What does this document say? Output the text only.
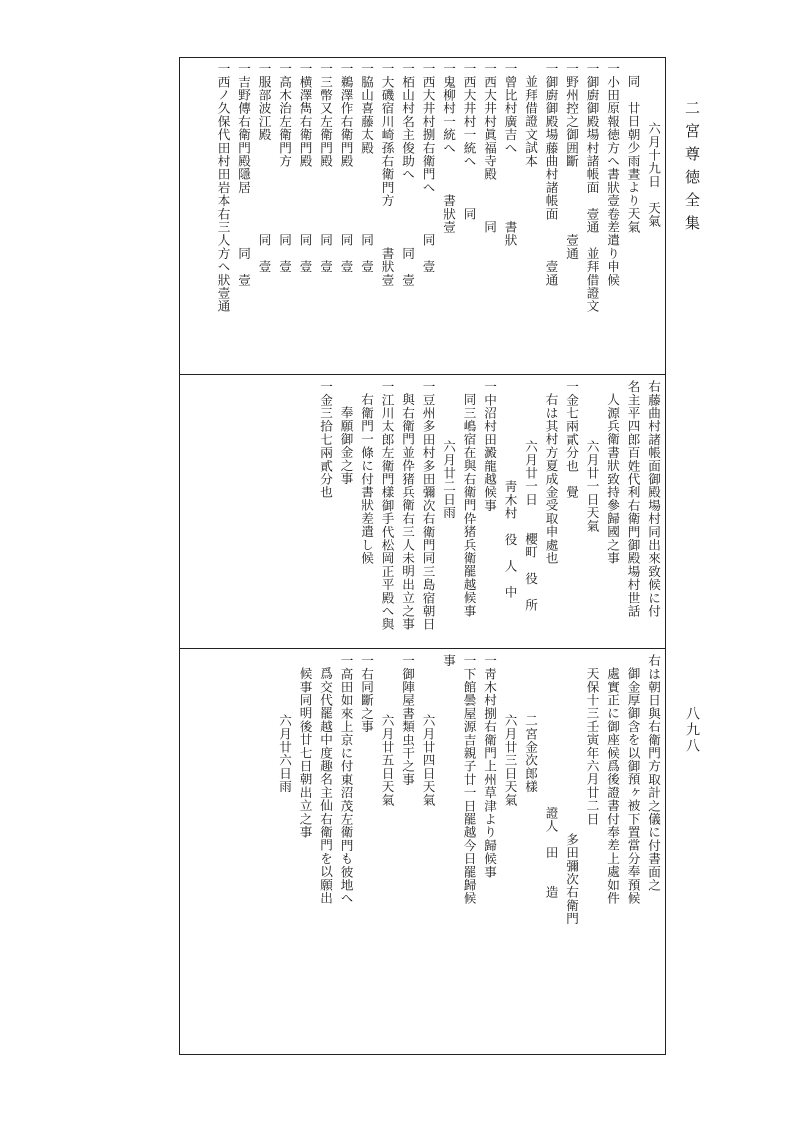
二宮尊徳全集
八九八
六月十九日　天氣
同　廿日朝少雨晝より天氣
一小田原報徳方へ書狀壹卷差遣り申候
一御廚御殿場村諸帳面　壹通　並拜借證文
一野州控之御囲斷　　　　　壹通
一御廚御殿場藤曲村諸帳面　　　壹通
並拜借證文試本
一曾比村廣吉へ　　　　　書狀
一西大井村眞福寺殿　　　同
一西大井村一統へ　　　同
一鬼柳村一統へ　　　書狀壹
一西大井村捌右衛門へ　　　同　壹
一栢山村名主俊助へ　　　　　同　壹
一大磯宿川崎孫右衛門方　　　書狀壹
一脇山喜藤太殿　　　　　　同　壹
一鵜澤作右衛門殿　　　　　同　壹
一三幣又左衛門殿　　　　　同　壹
一横澤雋右衛門殿　　　　　同　壹
一高木治左衛門方　　　　　同　壹
一服部波江殿　　　　　　　同　壹
一吉野傳右衛門殿隱居　　　　同　壹
一西ノ久保代田村田岩本右三人方へ狀壹通
右藤曲村諸帳面御殿場村同出來致候に付
名主平四郎百姓代利右衛門御殿場村世話
人源兵衛書狀致持參歸國之事
六月廿一日天氣
一金七兩貳分也　覺
右は其村方夏成金受取申處也
六月廿一日　　櫻町　役　所
靑木村　役　人　中
一中沼村田澱龍越候事
同三嶋宿在與右衛門伜猪兵衛罷越候事
六月廿二日雨
一豆州多田村多田彌次右衛門同三島宿朝日
與右衛門並伜猪兵衛右三人未明出立之事
一江川太郎左衛門樣御手代松岡正平殿へ與
右衛門一條に付書狀差遣し候
奉願御金之事
一金三拾七兩貳分也
右は朝日與右衛門方取計之儀に付書面之
御金厚御含を以御預ヶ被下置當分奉預候
處實正に御座候爲後證書付奉差上處如件
天保十三壬寅年六月廿二日
　　　　　　　　　多田彌次右衛門
　　　　　　　證人　田　　造
二宮金次郎樣
六月廿三日天氣
一靑木村捌右衛門上州草津より歸候事
一下館曇屋源吉親子廿一日罷越今日罷歸候
事
六月廿四日天氣
一御陣屋書類虫干之事
六月廿五日天氣
一右同斷之事
一高田如來上京に付東沼茂左衛門も彼地へ
爲交代罷越中度趣名主仙右衛門を以願出
候事同明後廿七日朝出立之事
六月廿六日雨
